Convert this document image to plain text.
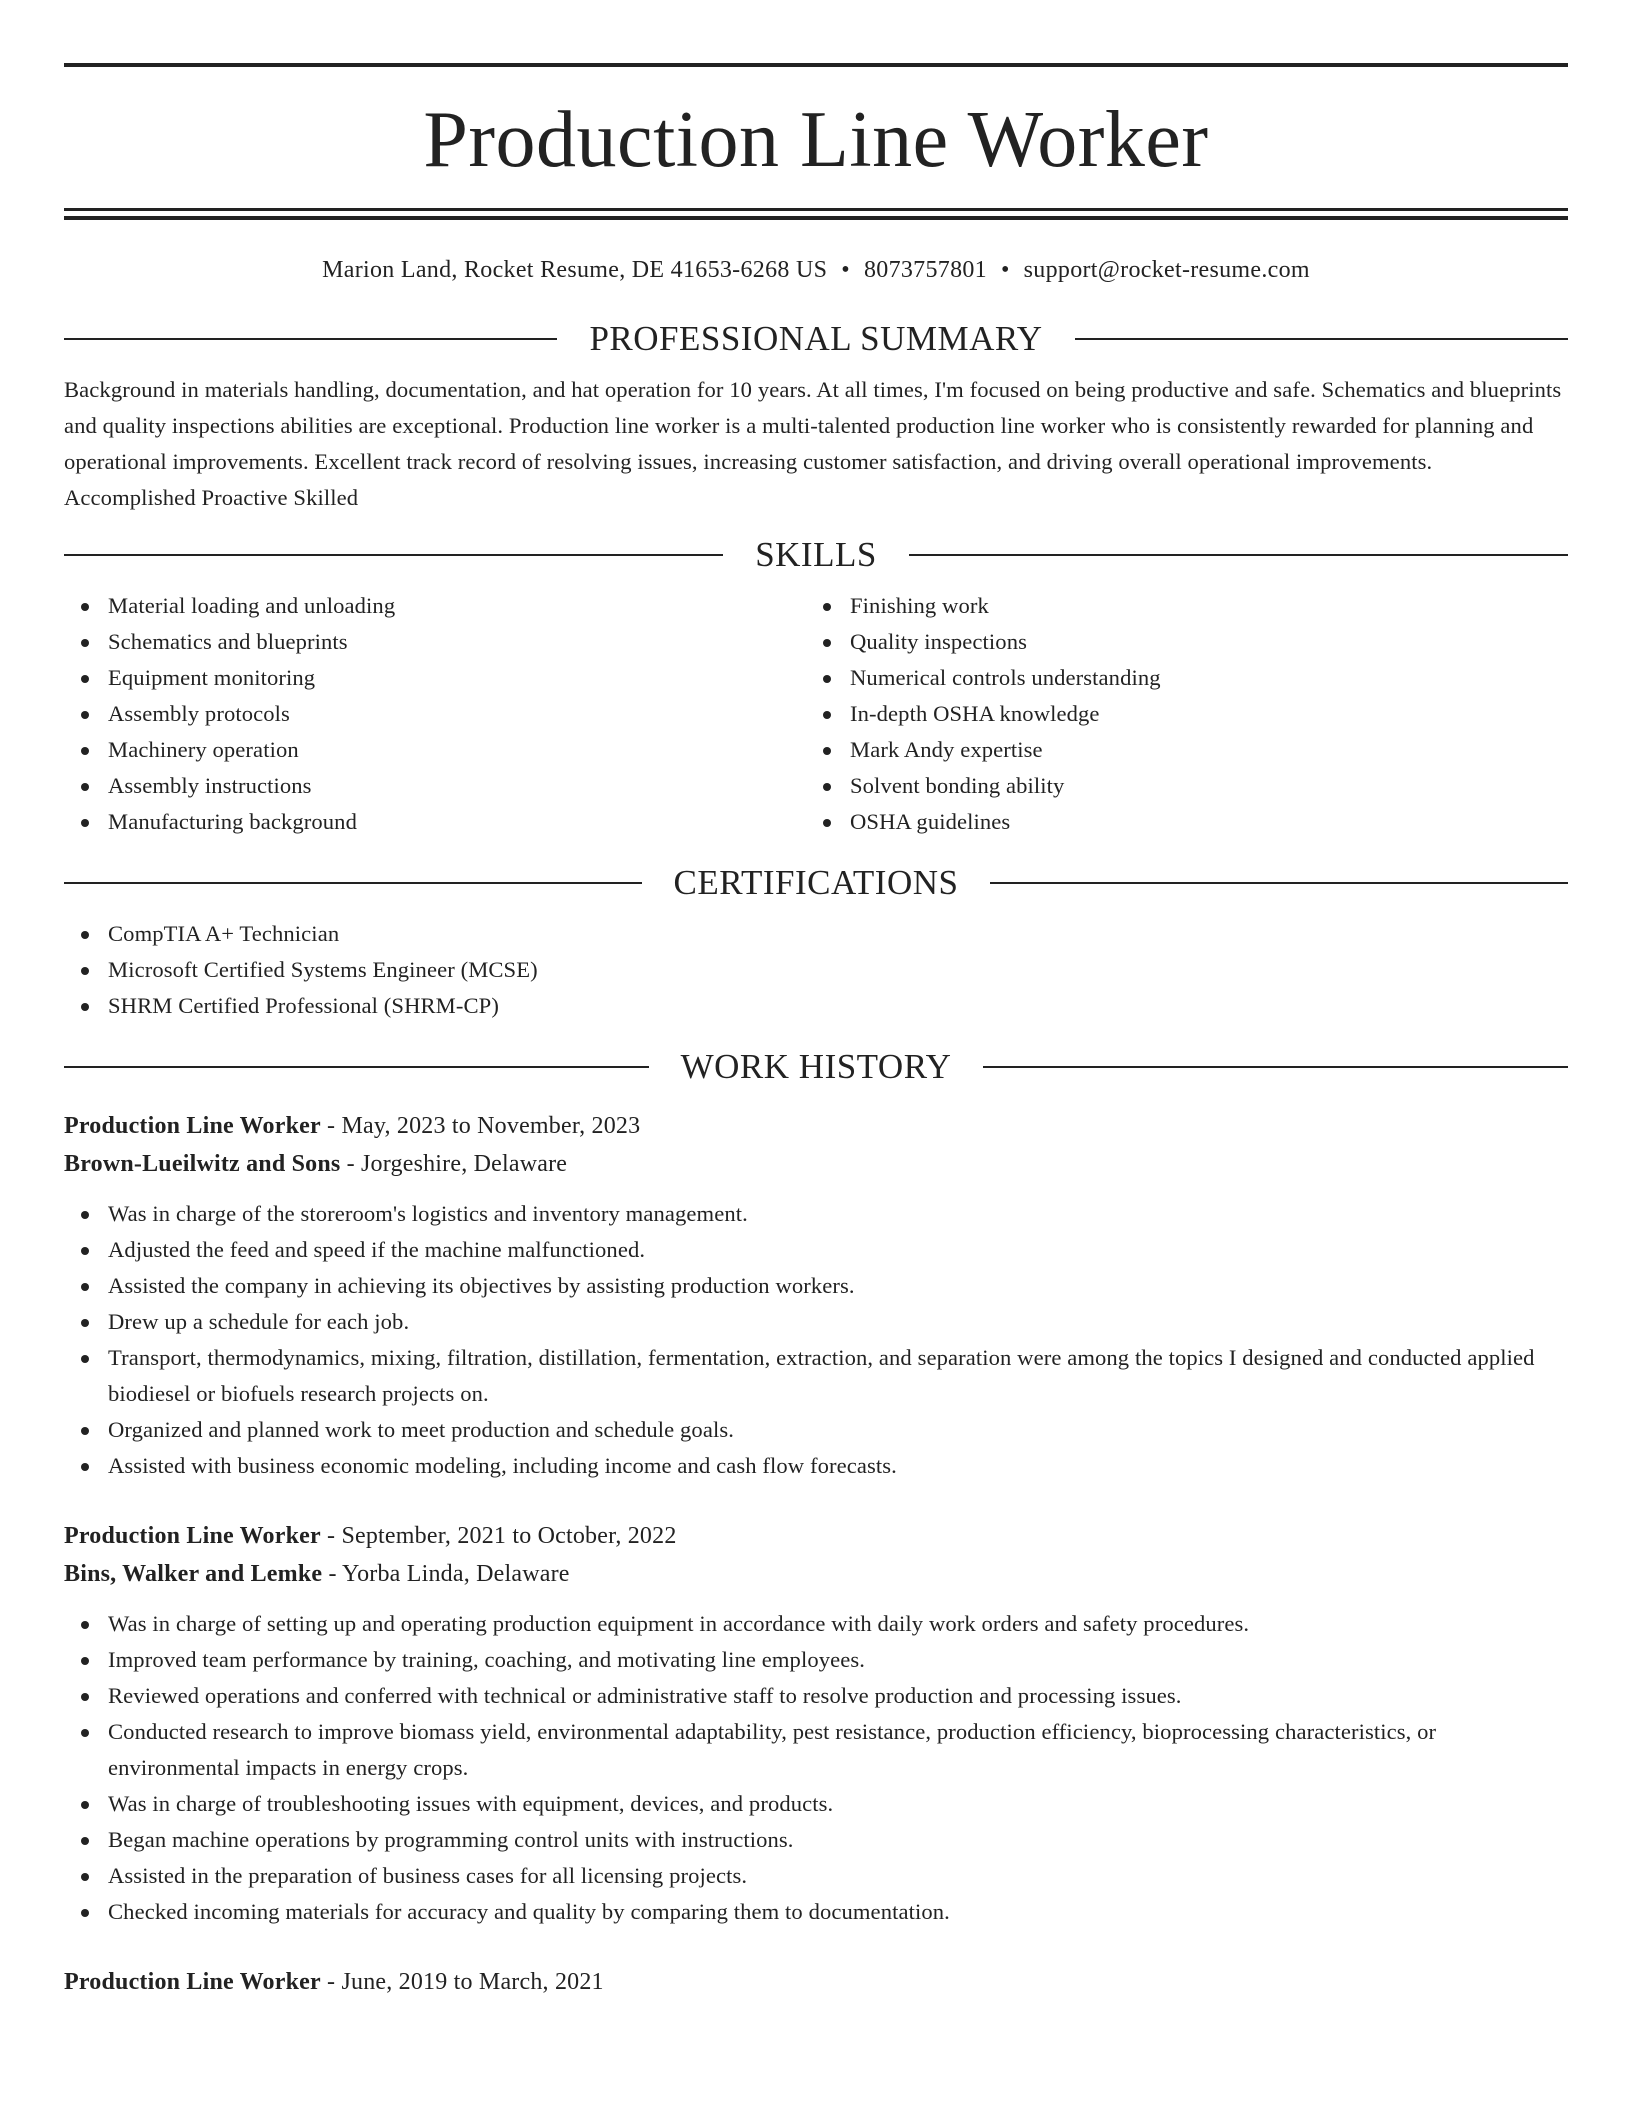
Production Line Worker
Marion Land, Rocket Resume, DE 41653-6268 US • 8073757801 • support@rocket-resume.com
PROFESSIONAL SUMMARY

Background in materials handling, documentation, and hat operation for 10 years. At all times, I'm focused on being productive and safe. Schematics and blueprints and quality inspections abilities are exceptional. Production line worker is a multi-talented production line worker who is consistently rewarded for planning and operational improvements. Excellent track record of resolving issues, increasing customer satisfaction, and driving overall operational improvements. Accomplished Proactive Skilled

SKILLS
Material loading and unloading
Schematics and blueprints
Equipment monitoring
Assembly protocols
Machinery operation
Assembly instructions
Manufacturing background
Finishing work
Quality inspections
Numerical controls understanding
In-depth OSHA knowledge
Mark Andy expertise
Solvent bonding ability
OSHA guidelines
CERTIFICATIONS
CompTIA A+ Technician
Microsoft Certified Systems Engineer (MCSE)
SHRM Certified Professional (SHRM-CP)
WORK HISTORY
Production Line Worker - May, 2023 to November, 2023
Brown-Lueilwitz and Sons - Jorgeshire, Delaware
Was in charge of the storeroom's logistics and inventory management.
Adjusted the feed and speed if the machine malfunctioned.
Assisted the company in achieving its objectives by assisting production workers.
Drew up a schedule for each job.
Transport, thermodynamics, mixing, filtration, distillation, fermentation, extraction, and separation were among the topics I designed and conducted applied biodiesel or biofuels research projects on.
Organized and planned work to meet production and schedule goals.
Assisted with business economic modeling, including income and cash flow forecasts.
Production Line Worker - September, 2021 to October, 2022
Bins, Walker and Lemke - Yorba Linda, Delaware
Was in charge of setting up and operating production equipment in accordance with daily work orders and safety procedures.
Improved team performance by training, coaching, and motivating line employees.
Reviewed operations and conferred with technical or administrative staff to resolve production and processing issues.
Conducted research to improve biomass yield, environmental adaptability, pest resistance, production efficiency, bioprocessing characteristics, or environmental impacts in energy crops.
Was in charge of troubleshooting issues with equipment, devices, and products.
Began machine operations by programming control units with instructions.
Assisted in the preparation of business cases for all licensing projects.
Checked incoming materials for accuracy and quality by comparing them to documentation.
Production Line Worker - June, 2019 to March, 2021
